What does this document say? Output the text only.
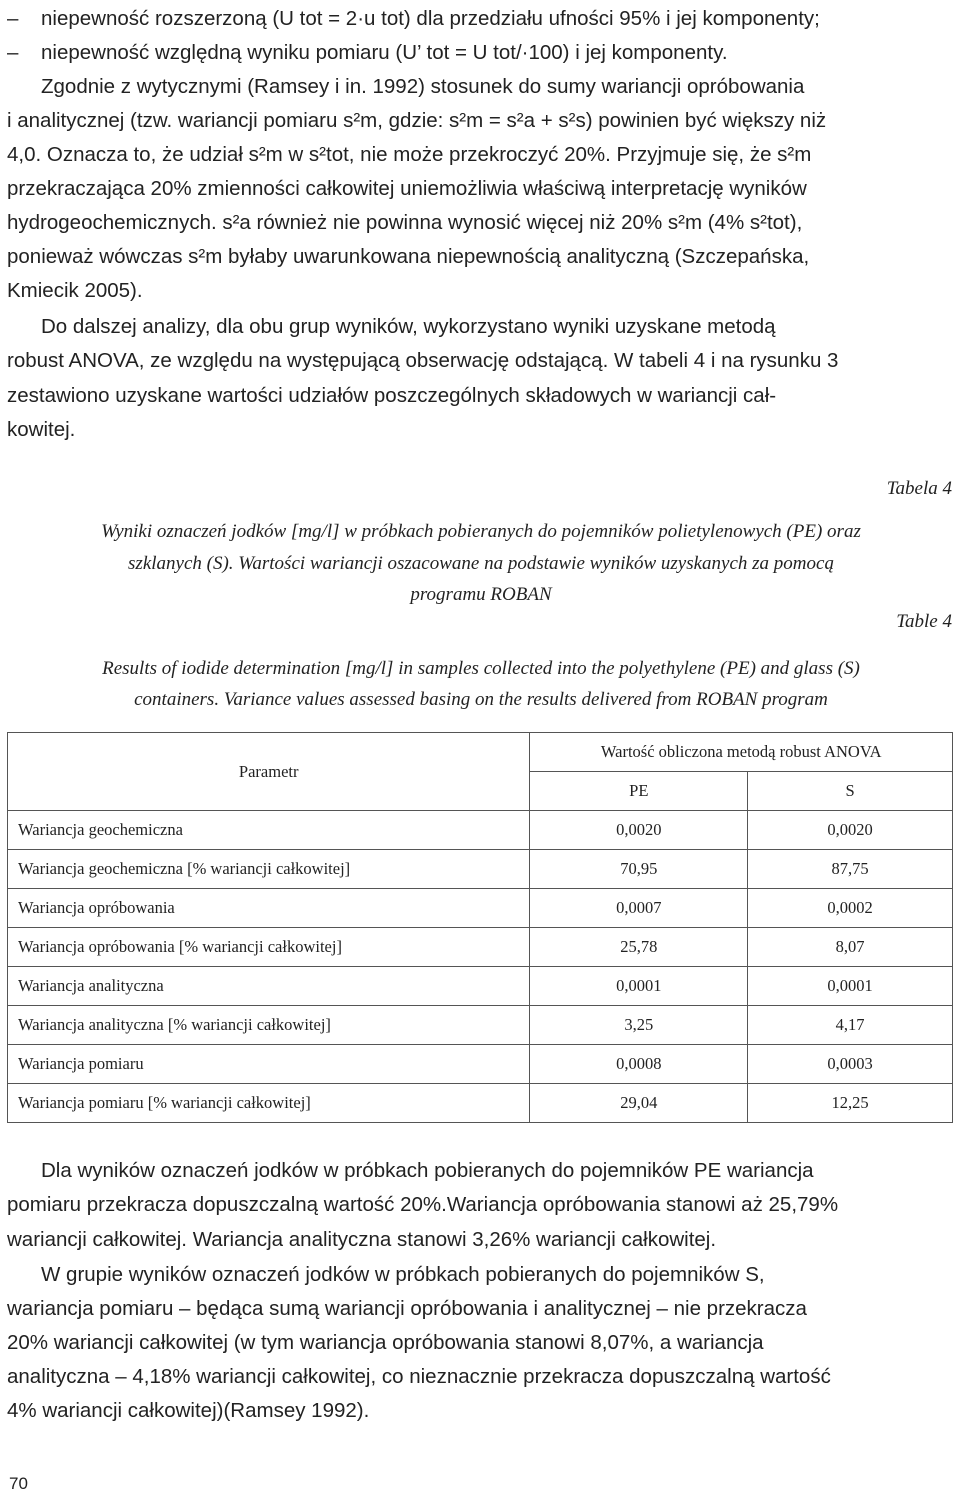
– niepewność rozszerzoną (U tot = 2·u tot) dla przedziału ufności 95% i jej komponenty;
– niepewność względną wyniku pomiaru (U’ tot = U tot/·100) i jej komponenty.
Zgodnie z wytycznymi (Ramsey i in. 1992) stosunek do sumy wariancji opróbowania
i analitycznej (tzw. wariancji pomiaru s²m, gdzie: s²m = s²a + s²s) powinien być większy niż
4,0. Oznacza to, że udział s²m w s²tot, nie może przekroczyć 20%. Przyjmuje się, że s²m
przekraczająca 20% zmienności całkowitej uniemożliwia właściwą interpretację wyników
hydrogeochemicznych. s²a również nie powinna wynosić więcej niż 20% s²m (4% s²tot),
ponieważ wówczas s²m byłaby uwarunkowana niepewnością analityczną (Szczepańska,
Kmiecik 2005).
Do dalszej analizy, dla obu grup wyników, wykorzystano wyniki uzyskane metodą
robust ANOVA, ze względu na występującą obserwację odstającą. W tabeli 4 i na rysunku 3
zestawiono uzyskane wartości udziałów poszczególnych składowych w wariancji cał-
kowitej.
Tabela 4
Wyniki oznaczeń jodków [mg/l] w próbkach pobieranych do pojemników polietylenowych (PE) oraz
szklanych (S). Wartości wariancji oszacowane na podstawie wyników uzyskanych za pomocą
programu ROBAN
Table 4
Results of iodide determination [mg/l] in samples collected into the polyethylene (PE) and glass (S)
containers. Variance values assessed basing on the results delivered from ROBAN program
Parametr	Wartość obliczona metodą robust ANOVA	
	PE	S
Wariancja geochemiczna	0,0020	0,0020
Wariancja geochemiczna [% wariancji całkowitej]	70,95	87,75
Wariancja opróbowania	0,0007	0,0002
Wariancja opróbowania [% wariancji całkowitej]	25,78	8,07
Wariancja analityczna	0,0001	0,0001
Wariancja analityczna [% wariancji całkowitej]	3,25	4,17
Wariancja pomiaru	0,0008	0,0003
Wariancja pomiaru [% wariancji całkowitej]	29,04	12,25
Dla wyników oznaczeń jodków w próbkach pobieranych do pojemników PE wariancja
pomiaru przekracza dopuszczalną wartość 20%.Wariancja opróbowania stanowi aż 25,79%
wariancji całkowitej. Wariancja analityczna stanowi 3,26% wariancji całkowitej.
W grupie wyników oznaczeń jodków w próbkach pobieranych do pojemników S,
wariancja pomiaru – będąca sumą wariancji opróbowania i analitycznej – nie przekracza
20% wariancji całkowitej (w tym wariancja opróbowania stanowi 8,07%, a wariancja
analityczna – 4,18% wariancji całkowitej, co nieznacznie przekracza dopuszczalną wartość
4% wariancji całkowitej)(Ramsey 1992).
70
